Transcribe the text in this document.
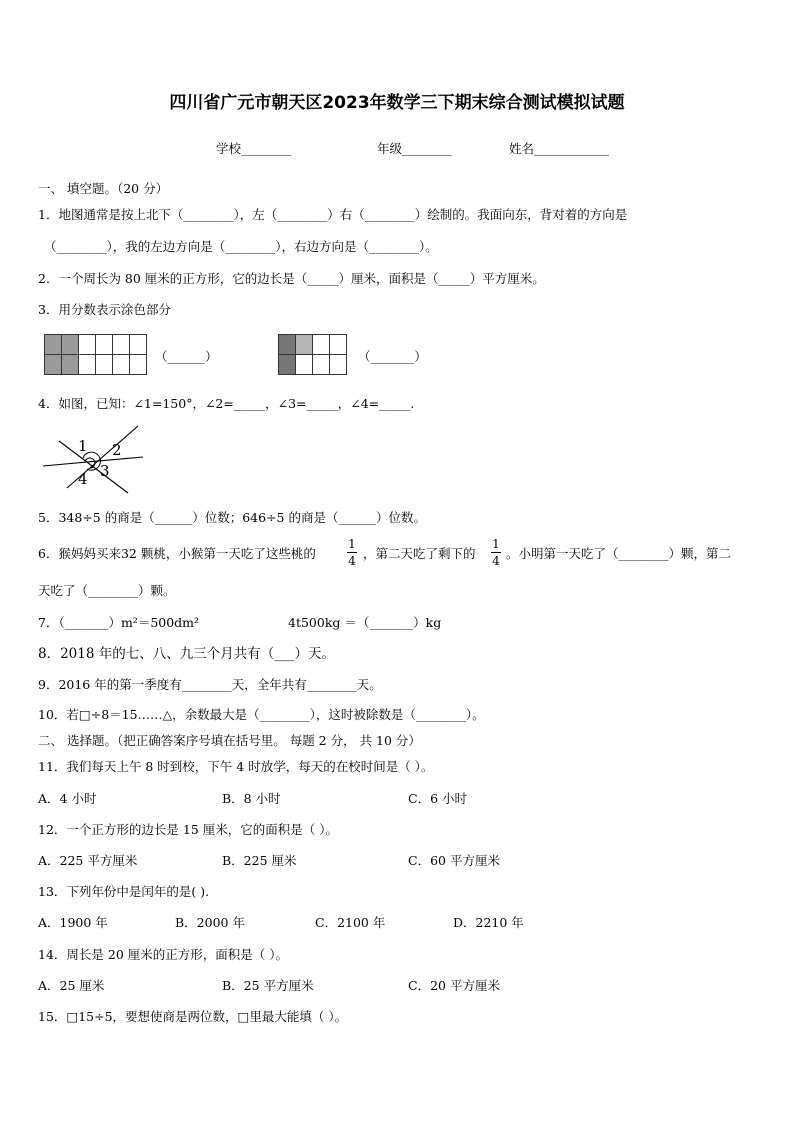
四川省广元市朝天区2023年数学三下期末综合测试模拟试题
学校________	年级________	姓名____________
一、 填空题。（20 分）
1．地图通常是按上北下（________），左（________）右（________）绘制的。我面向东，背对着的方向是
（________），我的左边方向是（________），右边方向是（________）。
2．一个周长为 80 厘米的正方形，它的边长是（_____）厘米，面积是（_____）平方厘米。
3．用分数表示涂色部分

（______）

				（_______）
4．如图，已知：∠1=150°，∠2=_____，∠3=_____，∠4=_____.
1 2
3
4
5．348÷5 的商是（______）位数；646÷5 的商是（______）位数。
6．猴妈妈买来32 颗桃，小猴第一天吃了这些桃的
1
4 ，第二天吃了剩下的
1
4 。小明第一天吃了（________）颗，第二
天吃了（________）颗。
7．（_______）m²＝500dm²	4t500kg ＝（_______）kg
8．2018 年的七、八、九三个月共有（___）天。
9．2016 年的第一季度有________天，全年共有________天。
10．若□÷8＝15……△，余数最大是（________），这时被除数是（________）。
二、 选择题。（把正确答案序号填在括号里。 每题 2 分， 共 10 分）
11．我们每天上午 8 时到校，下午 4 时放学，每天的在校时间是（ ）。
A．4 小时	B．8 小时	C．6 小时
12．一个正方形的边长是 15 厘米，它的面积是（ ）。
A．225 平方厘米	B．225 厘米	C．60 平方厘米
13．下列年份中是闰年的是( ).
A．1900 年	B．2000 年	C．2100 年	D．2210 年
14．周长是 20 厘米的正方形，面积是（ ）。
A．25 厘米	B．25 平方厘米	C．20 平方厘米
15．□15÷5，要想使商是两位数，□里最大能填（ ）。
